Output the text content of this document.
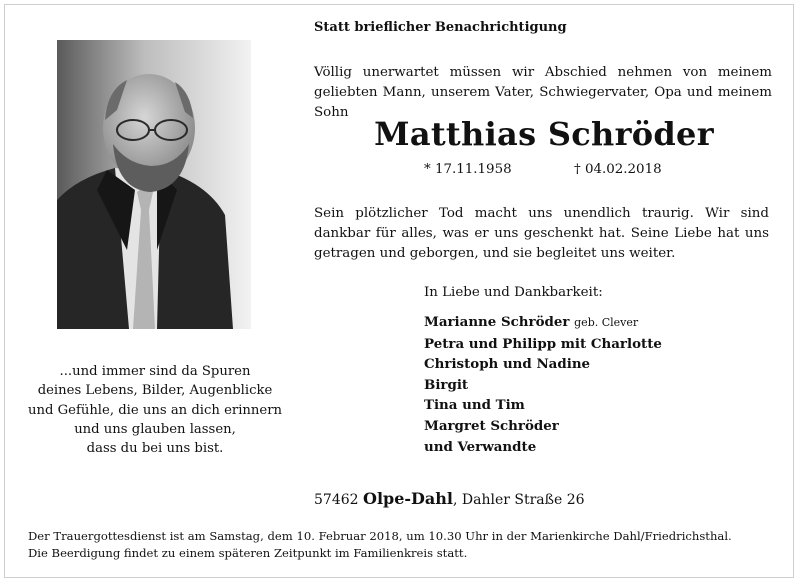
...und immer sind da Spuren
deines Lebens, Bilder, Augenblicke
und Gefühle, die uns an dich erinnern
und uns glauben lassen,
dass du bei uns bist.
Statt brieflicher Benachrichtigung
Völlig unerwartet müssen wir Abschied nehmen von meinem geliebten Mann, unserem Vater, Schwiegervater, Opa und meinem Sohn
Matthias Schröder
* 17.11.1958	† 04.02.2018
Sein plötzlicher Tod macht uns unendlich traurig. Wir sind dankbar für alles, was er uns geschenkt hat. Seine Liebe hat uns getragen und geborgen, und sie begleitet uns weiter.
In Liebe und Dankbarkeit:
Marianne Schröder geb. Clever
Petra und Philipp mit Charlotte
Christoph und Nadine
Birgit
Tina und Tim
Margret Schröder
und Verwandte
57462 Olpe-Dahl, Dahler Straße 26
Der Trauergottesdienst ist am Samstag, dem 10. Februar 2018, um 10.30 Uhr in der Marienkirche Dahl/Friedrichsthal.
Die Beerdigung findet zu einem späteren Zeitpunkt im Familienkreis statt.
